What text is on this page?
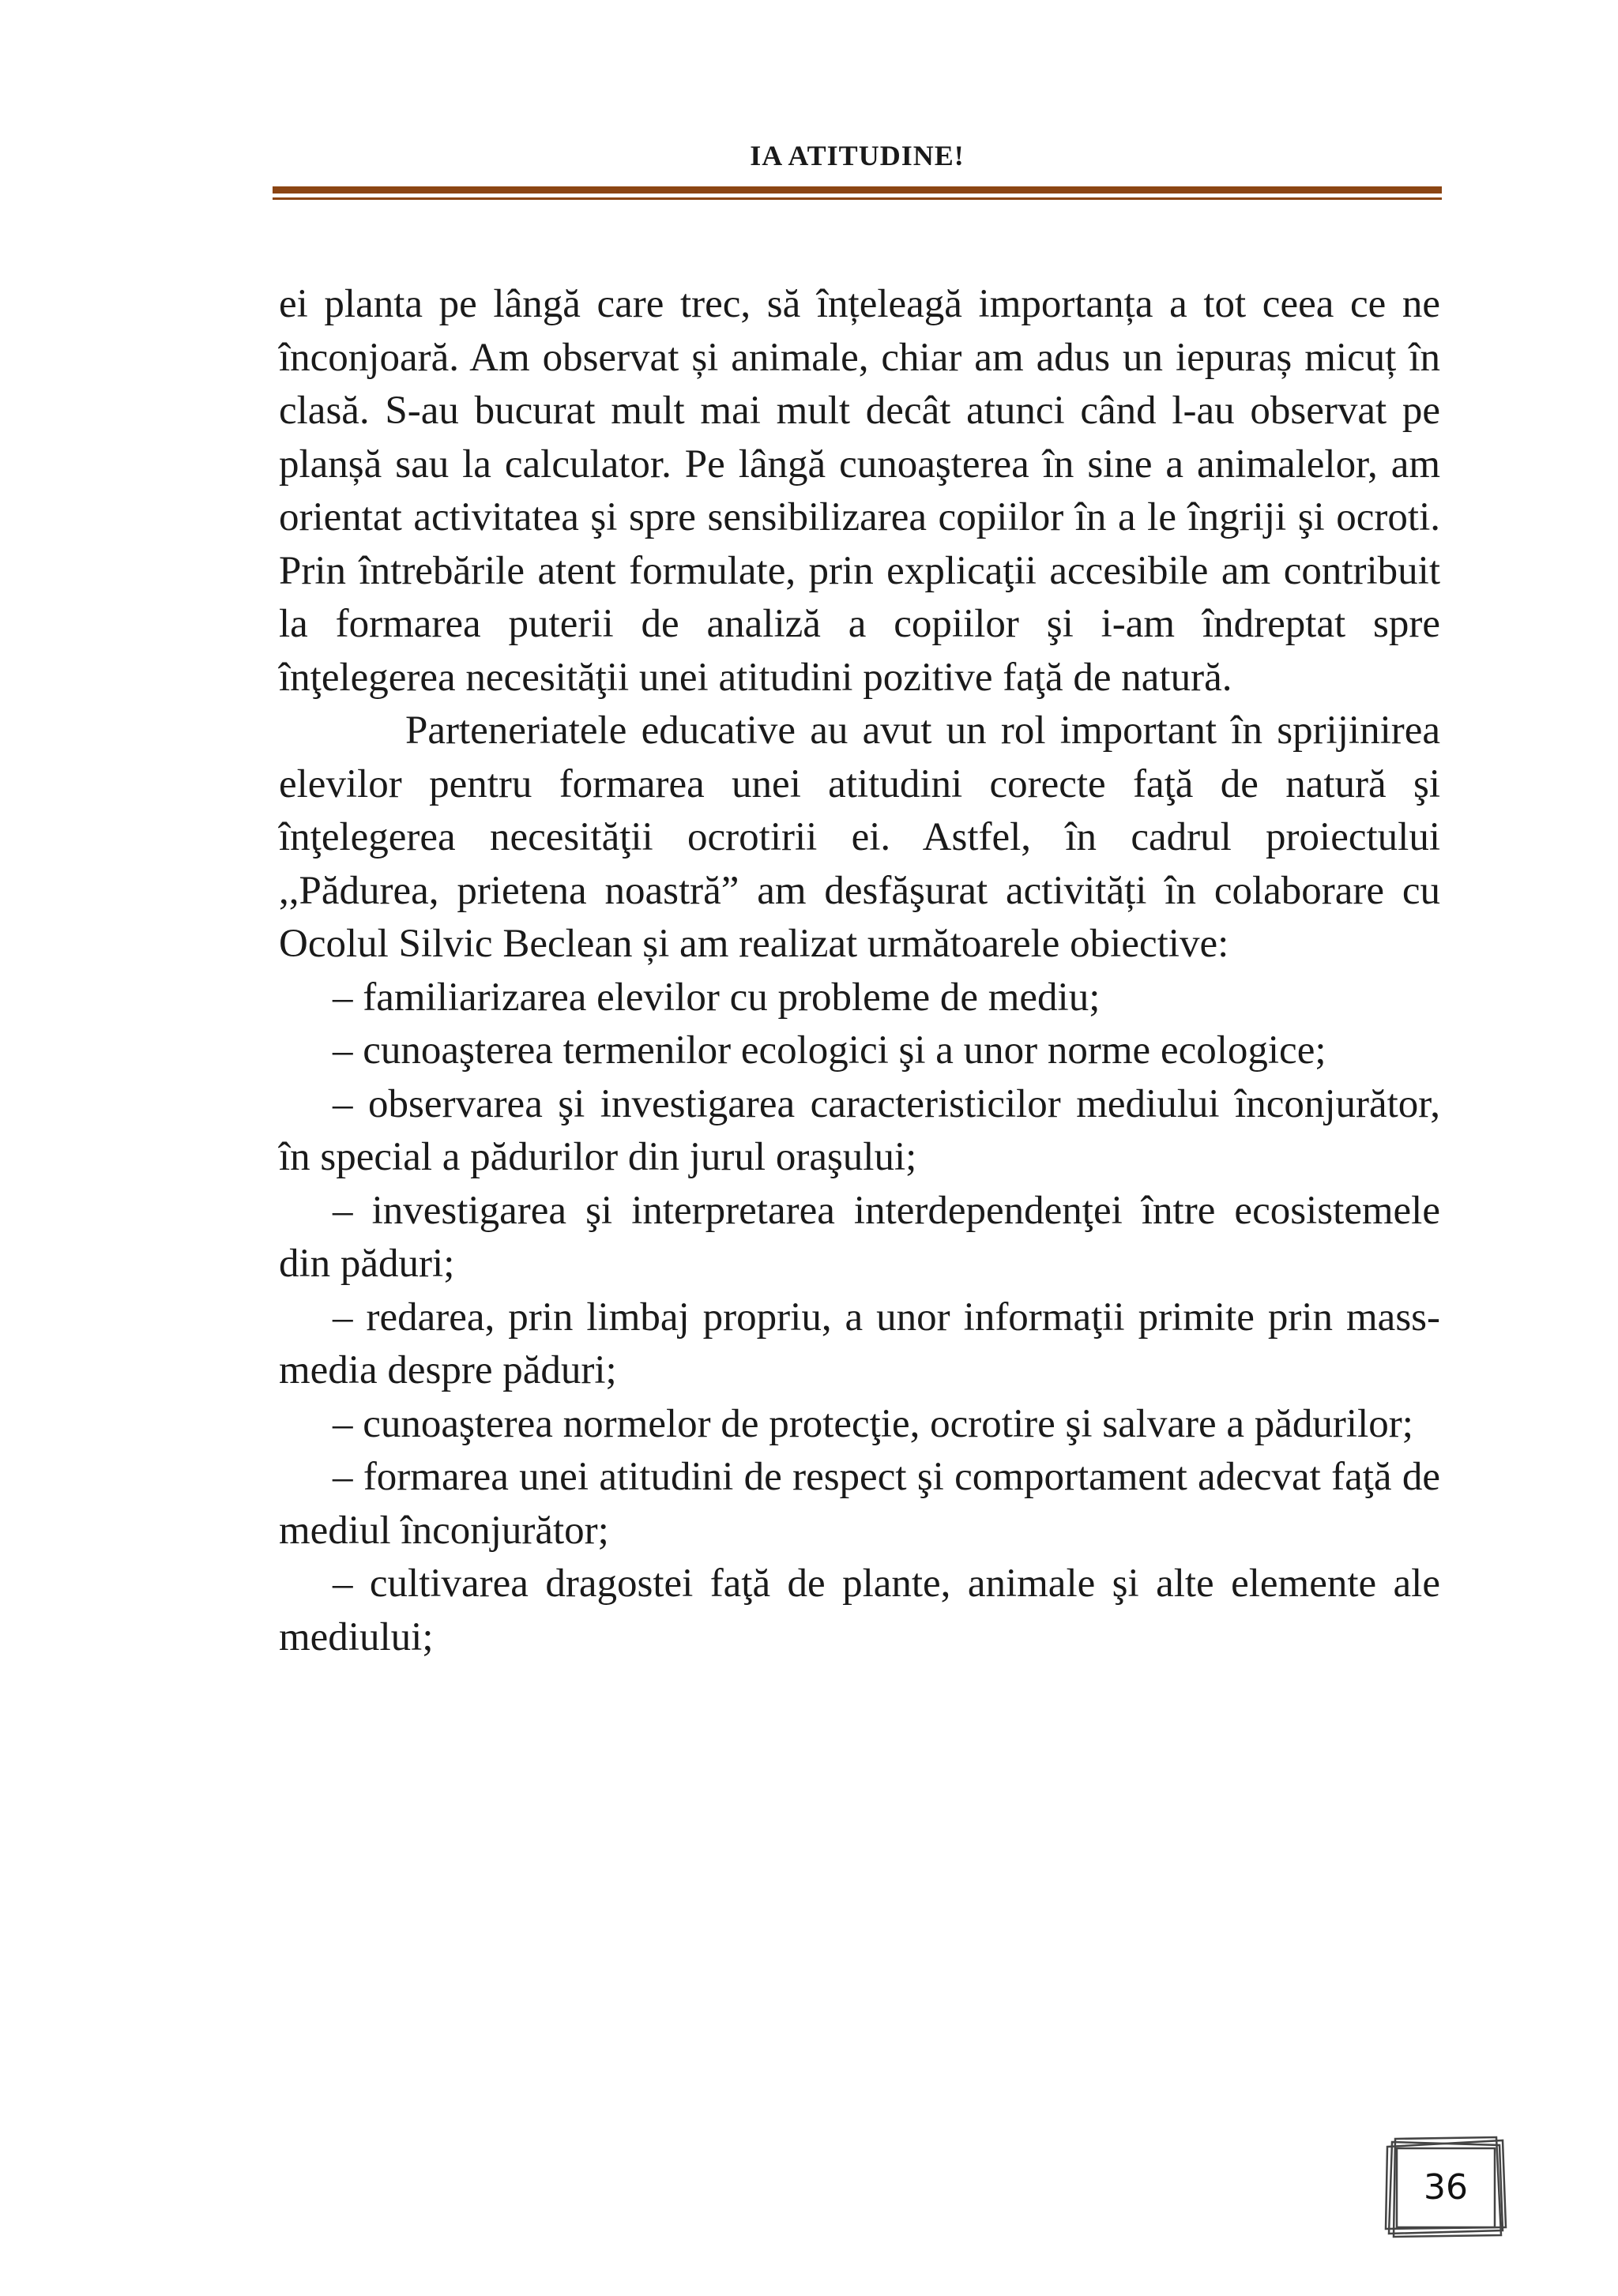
IA ATITUDINE!

ei planta pe lângă care trec, să înțeleagă importanța a tot ceea ce ne înconjoară. Am observat și animale, chiar am adus un iepuraș micuț în clasă. S-au bucurat mult mai mult decât atunci când l-au observat pe planșă sau la calculator. Pe lângă cunoaşterea în sine a animalelor, am orientat activitatea şi spre sensibilizarea copiilor în a le îngriji şi ocroti. Prin întrebările atent formulate, prin explicaţii accesibile am contribuit la formarea puterii de analiză a copiilor şi i-am îndreptat spre înţelegerea necesităţii unei atitudini pozitive faţă de natură.

Parteneriatele educative au avut un rol important în sprijinirea elevilor pentru formarea unei atitudini corecte faţă de natură şi înţelegerea necesităţii ocrotirii ei. Astfel, în cadrul proiectului ,,Pădurea, prietena noastră” am desfăşurat activități în colaborare cu Ocolul Silvic Beclean și am realizat următoarele obiective:

– familiarizarea elevilor cu probleme de mediu;

– cunoaşterea termenilor ecologici şi a unor norme ecologice;

– observarea şi investigarea caracteristicilor mediului înconjurător, în special a pădurilor din jurul oraşului;

– investigarea şi interpretarea interdependenţei între ecosistemele din păduri;

– redarea, prin limbaj propriu, a unor informaţii primite prin mass-media despre păduri;

– cunoaşterea normelor de protecţie, ocrotire şi salvare a pădurilor;

– formarea unei atitudini de respect şi comportament adecvat faţă de mediul înconjurător;

– cultivarea dragostei faţă de plante, animale şi alte elemente ale mediului;

36
